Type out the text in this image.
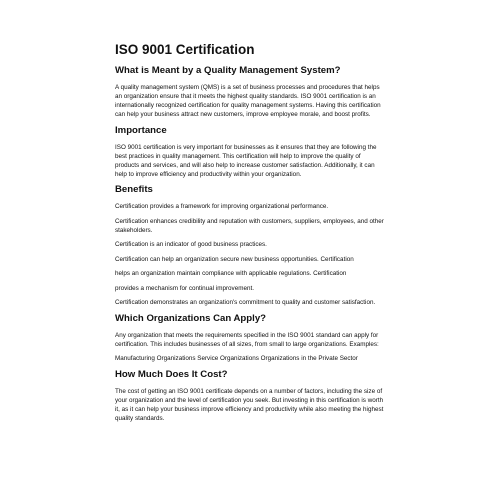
ISO 9001 Certification
What is Meant by a Quality Management System?
A quality management system (QMS) is a set of business processes and procedures that helps an organization ensure that it meets the highest quality standards. ISO 9001 certification is an internationally recognized certification for quality management systems. Having this certification can help your business attract new customers, improve employee morale, and boost profits.
Importance
ISO 9001 certification is very important for businesses as it ensures that they are following the best practices in quality management. This certification will help to improve the quality of products and services, and will also help to increase customer satisfaction. Additionally, it can help to improve efficiency and productivity within your organization.
Benefits
Certification provides a framework for improving organizational performance.
Certification enhances credibility and reputation with customers, suppliers, employees, and other stakeholders.
Certification is an indicator of good business practices.
Certification can help an organization secure new business opportunities. Certification
helps an organization maintain compliance with applicable regulations. Certification
provides a mechanism for continual improvement.
Certification demonstrates an organization's commitment to quality and customer satisfaction.
Which Organizations Can Apply?
Any organization that meets the requirements specified in the ISO 9001 standard can apply for certification. This includes businesses of all sizes, from small to large organizations. Examples:
Manufacturing Organizations Service Organizations Organizations in the Private Sector
How Much Does It Cost?
The cost of getting an ISO 9001 certificate depends on a number of factors, including the size of your organization and the level of certification you seek. But investing in this certification is worth it, as it can help your business improve efficiency and productivity while also meeting the highest quality standards.
